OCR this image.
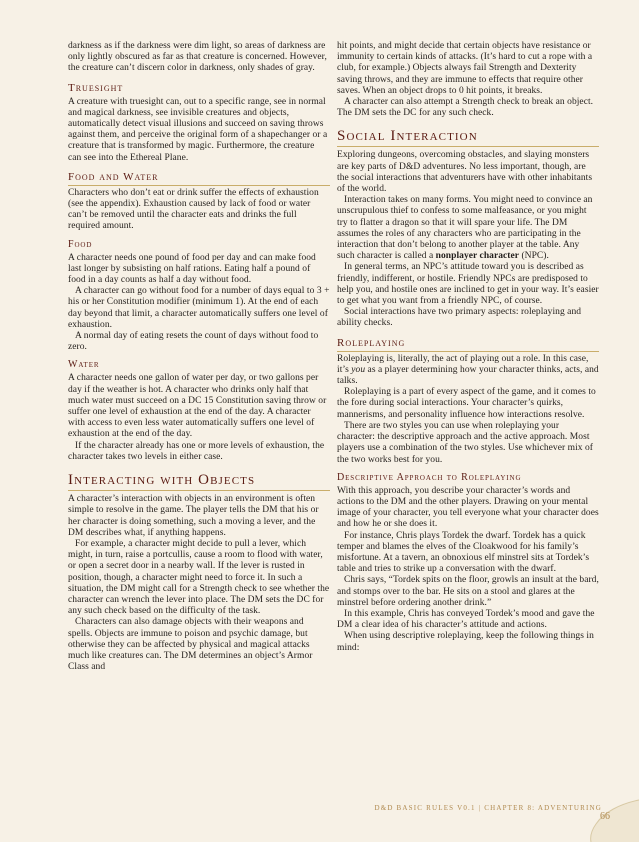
darkness as if the darkness were dim light, so areas of darkness are only lightly obscured as far as that creature is concerned. However, the creature can’t discern color in darkness, only shades of gray.

Truesight

A creature with truesight can, out to a specific range, see in normal and magical darkness, see invisible creatures and objects, automatically detect visual illusions and succeed on saving throws against them, and perceive the original form of a shapechanger or a creature that is transformed by magic. Furthermore, the creature can see into the Ethereal Plane.

Food and Water

Characters who don’t eat or drink suffer the effects of exhaustion (see the appendix). Exhaustion caused by lack of food or water can’t be removed until the character eats and drinks the full required amount.

Food

A character needs one pound of food per day and can make food last longer by subsisting on half rations. Eating half a pound of food in a day counts as half a day without food.

A character can go without food for a number of days equal to 3 + his or her Constitution modifier (minimum 1). At the end of each day beyond that limit, a character automatically suffers one level of exhaustion.

A normal day of eating resets the count of days without food to zero.

Water

A character needs one gallon of water per day, or two gallons per day if the weather is hot. A character who drinks only half that much water must succeed on a DC 15 Constitution saving throw or suffer one level of exhaustion at the end of the day. A character with access to even less water automatically suffers one level of exhaustion at the end of the day.

If the character already has one or more levels of exhaustion, the character takes two levels in either case.

Interacting with Objects

A character’s interaction with objects in an environment is often simple to resolve in the game. The player tells the DM that his or her character is doing something, such a moving a lever, and the DM describes what, if anything happens.

For example, a character might decide to pull a lever, which might, in turn, raise a portcullis, cause a room to flood with water, or open a secret door in a nearby wall. If the lever is rusted in position, though, a character might need to force it. In such a situation, the DM might call for a Strength check to see whether the character can wrench the lever into place. The DM sets the DC for any such check based on the difficulty of the task.

Characters can also damage objects with their weapons and spells. Objects are immune to poison and psychic damage, but otherwise they can be affected by physical and magical attacks much like creatures can. The DM determines an object’s Armor Class and

hit points, and might decide that certain objects have resistance or immunity to certain kinds of attacks. (It’s hard to cut a rope with a club, for example.) Objects always fail Strength and Dexterity saving throws, and they are immune to effects that require other saves. When an object drops to 0 hit points, it breaks.

A character can also attempt a Strength check to break an object. The DM sets the DC for any such check.

Social Interaction

Exploring dungeons, overcoming obstacles, and slaying monsters are key parts of D&D adventures. No less important, though, are the social interactions that adventurers have with other inhabitants of the world.

Interaction takes on many forms. You might need to convince an unscrupulous thief to confess to some malfeasance, or you might try to flatter a dragon so that it will spare your life. The DM assumes the roles of any characters who are participating in the interaction that don’t belong to another player at the table. Any such character is called a nonplayer character (NPC).

In general terms, an NPC’s attitude toward you is described as friendly, indifferent, or hostile. Friendly NPCs are predisposed to help you, and hostile ones are inclined to get in your way. It’s easier to get what you want from a friendly NPC, of course.

Social interactions have two primary aspects: roleplaying and ability checks.

Roleplaying

Roleplaying is, literally, the act of playing out a role. In this case, it’s you as a player determining how your character thinks, acts, and talks.

Roleplaying is a part of every aspect of the game, and it comes to the fore during social interactions. Your character’s quirks, mannerisms, and personality influence how interactions resolve.

There are two styles you can use when roleplaying your character: the descriptive approach and the active approach. Most players use a combination of the two styles. Use whichever mix of the two works best for you.

Descriptive Approach to Roleplaying

With this approach, you describe your character’s words and actions to the DM and the other players. Drawing on your mental image of your character, you tell everyone what your character does and how he or she does it.

For instance, Chris plays Tordek the dwarf. Tordek has a quick temper and blames the elves of the Cloakwood for his family’s misfortune. At a tavern, an obnoxious elf minstrel sits at Tordek’s table and tries to strike up a conversation with the dwarf.

Chris says, “Tordek spits on the floor, growls an insult at the bard, and stomps over to the bar. He sits on a stool and glares at the minstrel before ordering another drink.”

In this example, Chris has conveyed Tordek’s mood and gave the DM a clear idea of his character’s attitude and actions.

When using descriptive roleplaying, keep the following things in mind:

D&D BASIC RULES V0.1 | CHAPTER 8: ADVENTURING
66
